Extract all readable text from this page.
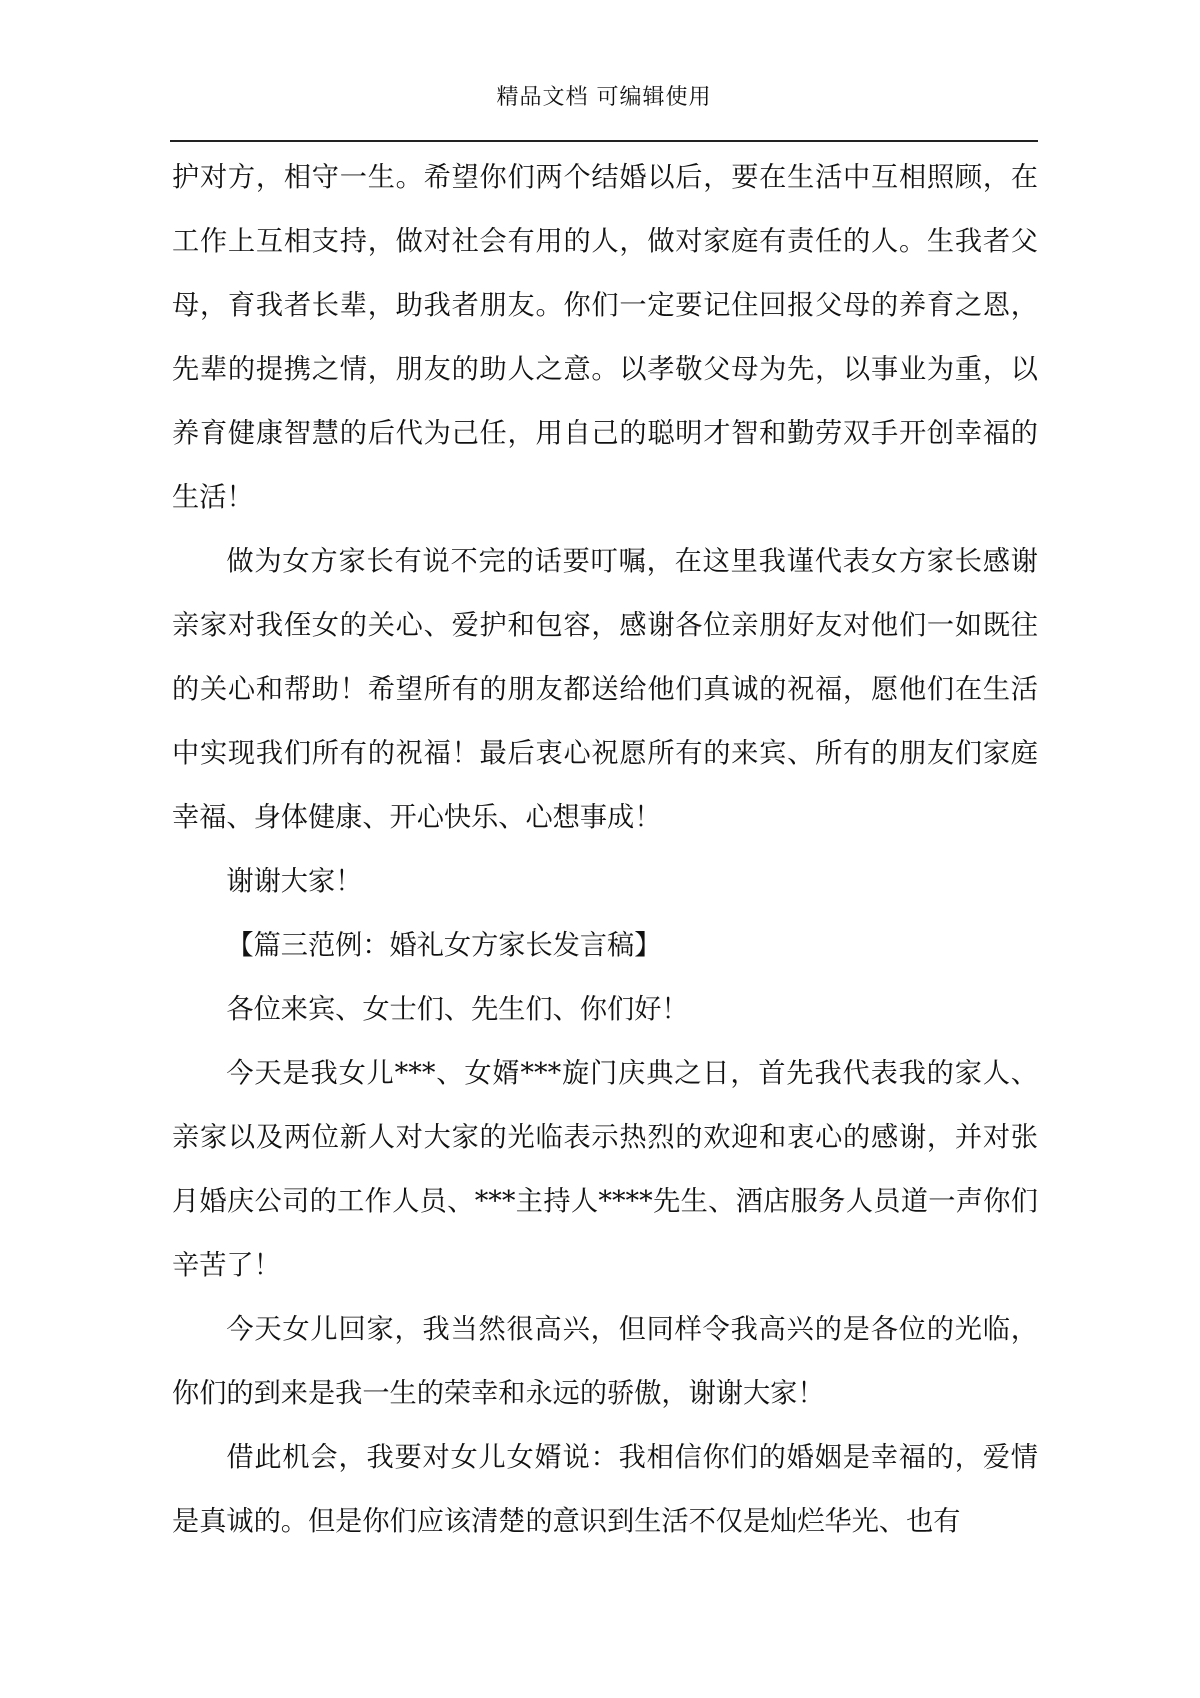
精品文档 可编辑使用

护对方，相守一生。希望你们两个结婚以后，要在生活中互相照顾，在工作上互相支持，做对社会有用的人，做对家庭有责任的人。生我者父母，育我者长辈，助我者朋友。你们一定要记住回报父母的养育之恩，先辈的提携之情，朋友的助人之意。以孝敬父母为先，以事业为重，以养育健康智慧的后代为己任，用自己的聪明才智和勤劳双手开创幸福的生活！

做为女方家长有说不完的话要叮嘱，在这里我谨代表女方家长感谢亲家对我侄女的关心、爱护和包容，感谢各位亲朋好友对他们一如既往的关心和帮助！希望所有的朋友都送给他们真诚的祝福，愿他们在生活中实现我们所有的祝福！最后衷心祝愿所有的来宾、所有的朋友们家庭幸福、身体健康、开心快乐、心想事成！

谢谢大家！

【篇三范例：婚礼女方家长发言稿】

各位来宾、女士们、先生们、你们好！

今天是我女儿***、女婿***旋门庆典之日，首先我代表我的家人、亲家以及两位新人对大家的光临表示热烈的欢迎和衷心的感谢，并对张月婚庆公司的工作人员、***主持人****先生、酒店服务人员道一声你们辛苦了！

今天女儿回家，我当然很高兴，但同样令我高兴的是各位的光临，你们的到来是我一生的荣幸和永远的骄傲，谢谢大家！

借此机会，我要对女儿女婿说：我相信你们的婚姻是幸福的，爱情是真诚的。但是你们应该清楚的意识到生活不仅是灿烂华光、也有
